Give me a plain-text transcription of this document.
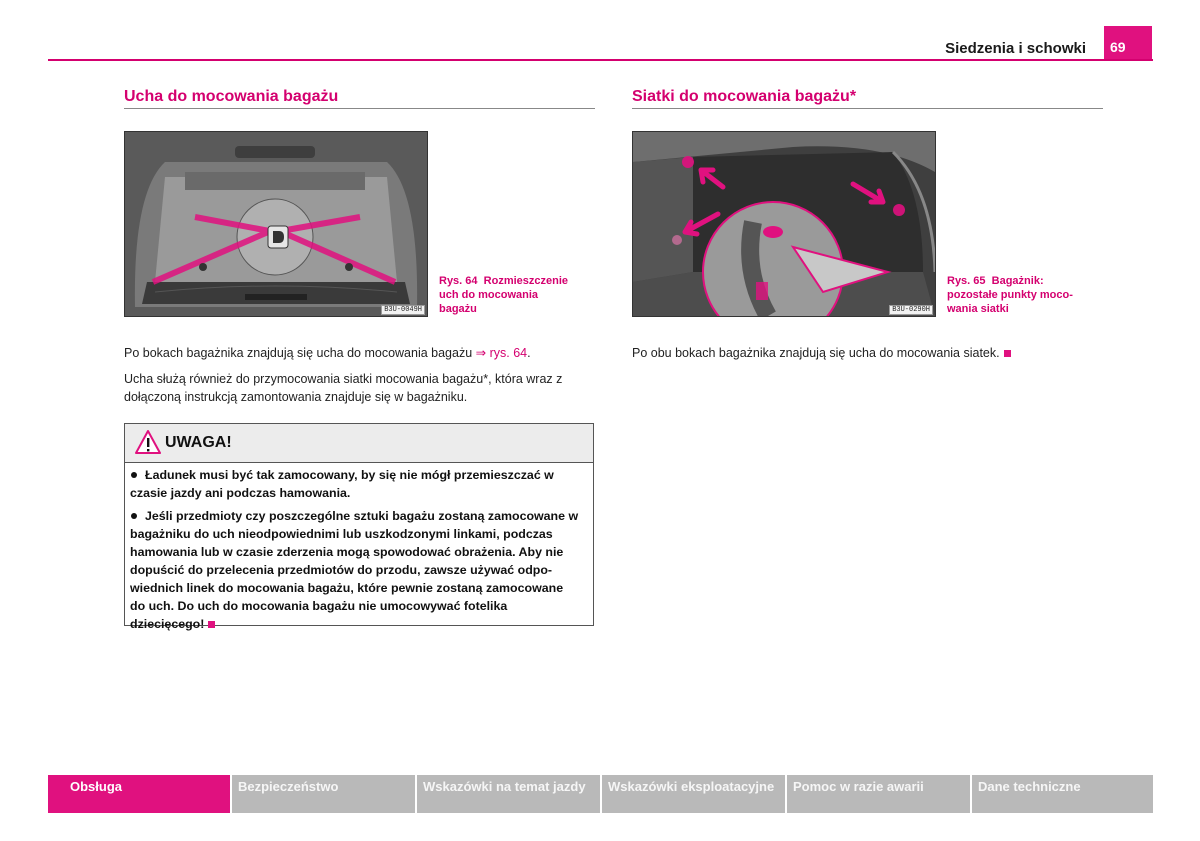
Siedzenia i schowki	69
Ucha do mocowania bagażu
B3U-0049H
Rys. 64 Rozmieszczenie
uch do mocowania
bagażu
Po bokach bagażnika znajdują się ucha do mocowania bagażu ⇒ rys. 64.
Ucha służą również do przymocowania siatki mocowania bagażu*, która wraz z
dołączoną instrukcją zamontowania znajduje się w bagażniku.
UWAGA!

Ładunek musi być tak zamocowany, by się nie mógł przemieszczać w
czasie jazdy ani podczas hamowania.

Jeśli przedmioty czy poszczególne sztuki bagażu zostaną zamocowane w
bagażniku do uch nieodpowiednimi lub uszkodzonymi linkami, podczas
hamowania lub w czasie zderzenia mogą spowodować obrażenia. Aby nie
dopuścić do przelecenia przedmiotów do przodu, zawsze używać odpo-
wiednich linek do mocowania bagażu, które pewnie zostaną zamocowane
do uch. Do uch do mocowania bagażu nie umocowywać fotelika
dziecięcego!

Siatki do mocowania bagażu*
B3U-0290H
Rys. 65 Bagażnik:
pozostałe punkty moco-
wania siatki
Po obu bokach bagażnika znajdują się ucha do mocowania siatek.
Obsługa	Bezpieczeństwo	Wskazówki na temat jazdy	Wskazówki eksploatacyjne	Pomoc w razie awarii	Dane techniczne
